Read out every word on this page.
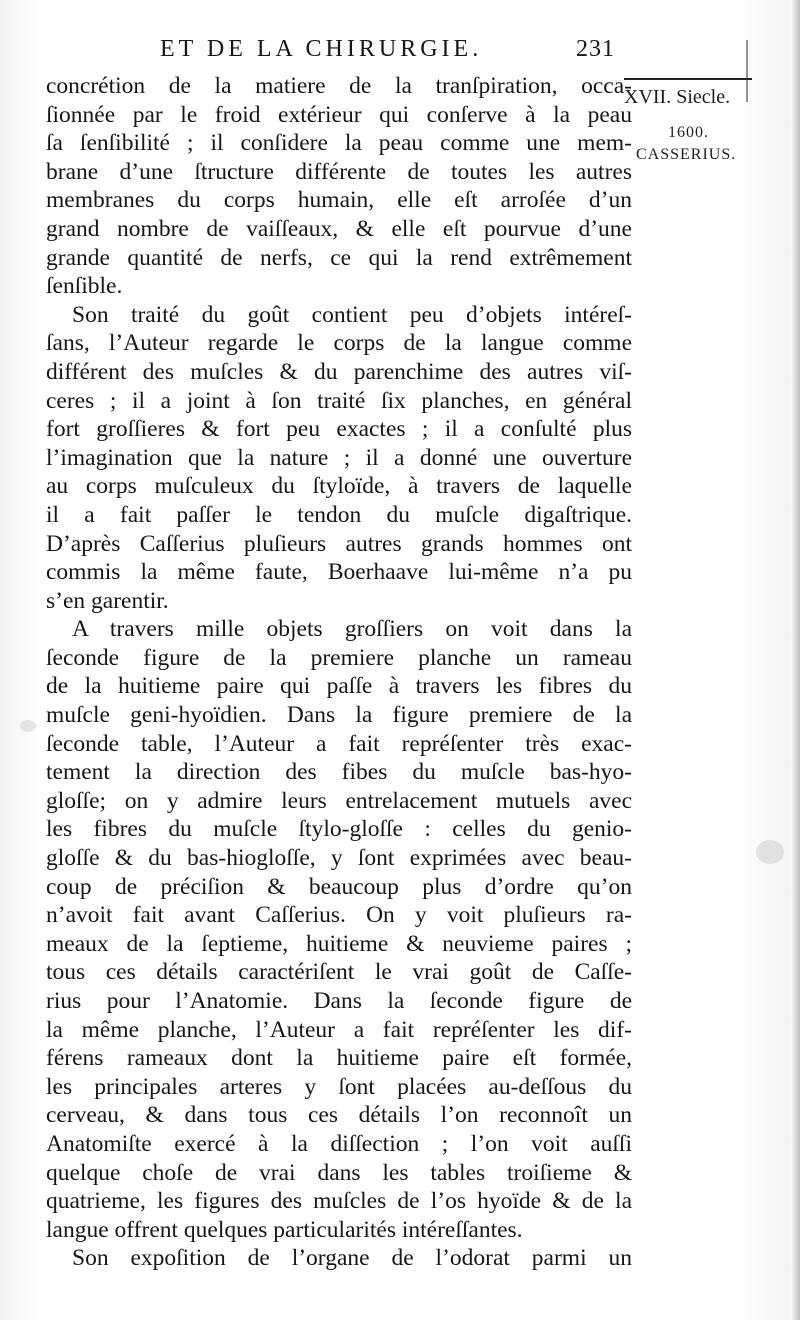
ET DE LA CHIRURGIE.	231
XVII. Siecle.
1600.
CASSERIUS.
concrétion de la matiere de la tranſpiration, occa-
ſionnée par le froid extérieur qui conſerve à la peau
ſa ſenſibilité ; il conſidere la peau comme une mem-
brane d’une ſtructure différente de toutes les autres
membranes du corps humain, elle eſt arroſée d’un
grand nombre de vaiſſeaux, & elle eſt pourvue d’une
grande quantité de nerfs, ce qui la rend extrêmement
ſenſible.
Son traité du goût contient peu d’objets intéreſ-
ſans, l’Auteur regarde le corps de la langue comme
différent des muſcles & du parenchime des autres viſ-
ceres ; il a joint à ſon traité ſix planches, en général
fort groſſieres & fort peu exactes ; il a conſulté plus
l’imagination que la nature ; il a donné une ouverture
au corps muſculeux du ſtyloïde, à travers de laquelle
il a fait paſſer le tendon du muſcle digaſtrique.
D’après Caſſerius pluſieurs autres grands hommes ont
commis la même faute, Boerhaave lui-même n’a pu
s’en garentir.
A travers mille objets groſſiers on voit dans la
ſeconde figure de la premiere planche un rameau
de la huitieme paire qui paſſe à travers les fibres du
muſcle geni-hyoïdien. Dans la figure premiere de la
ſeconde table, l’Auteur a fait repréſenter très exac-
tement la direction des fibes du muſcle bas-hyo-
gloſſe; on y admire leurs entrelacement mutuels avec
les fibres du muſcle ſtylo-gloſſe : celles du genio-
gloſſe & du bas-hiogloſſe, y ſont exprimées avec beau-
coup de préciſion & beaucoup plus d’ordre qu’on
n’avoit fait avant Caſſerius. On y voit pluſieurs ra-
meaux de la ſeptieme, huitieme & neuvieme paires ;
tous ces détails caractériſent le vrai goût de Caſſe-
rius pour l’Anatomie. Dans la ſeconde figure de
la même planche, l’Auteur a fait repréſenter les dif-
férens rameaux dont la huitieme paire eſt formée,
les principales arteres y ſont placées au-deſſous du
cerveau, & dans tous ces détails l’on reconnoît un
Anatomiſte exercé à la diſſection ; l’on voit auſſi
quelque choſe de vrai dans les tables troiſieme &
quatrieme, les figures des muſcles de l’os hyoïde & de la
langue offrent quelques particularités intéreſſantes.
Son expoſition de l’organe de l’odorat parmi un
